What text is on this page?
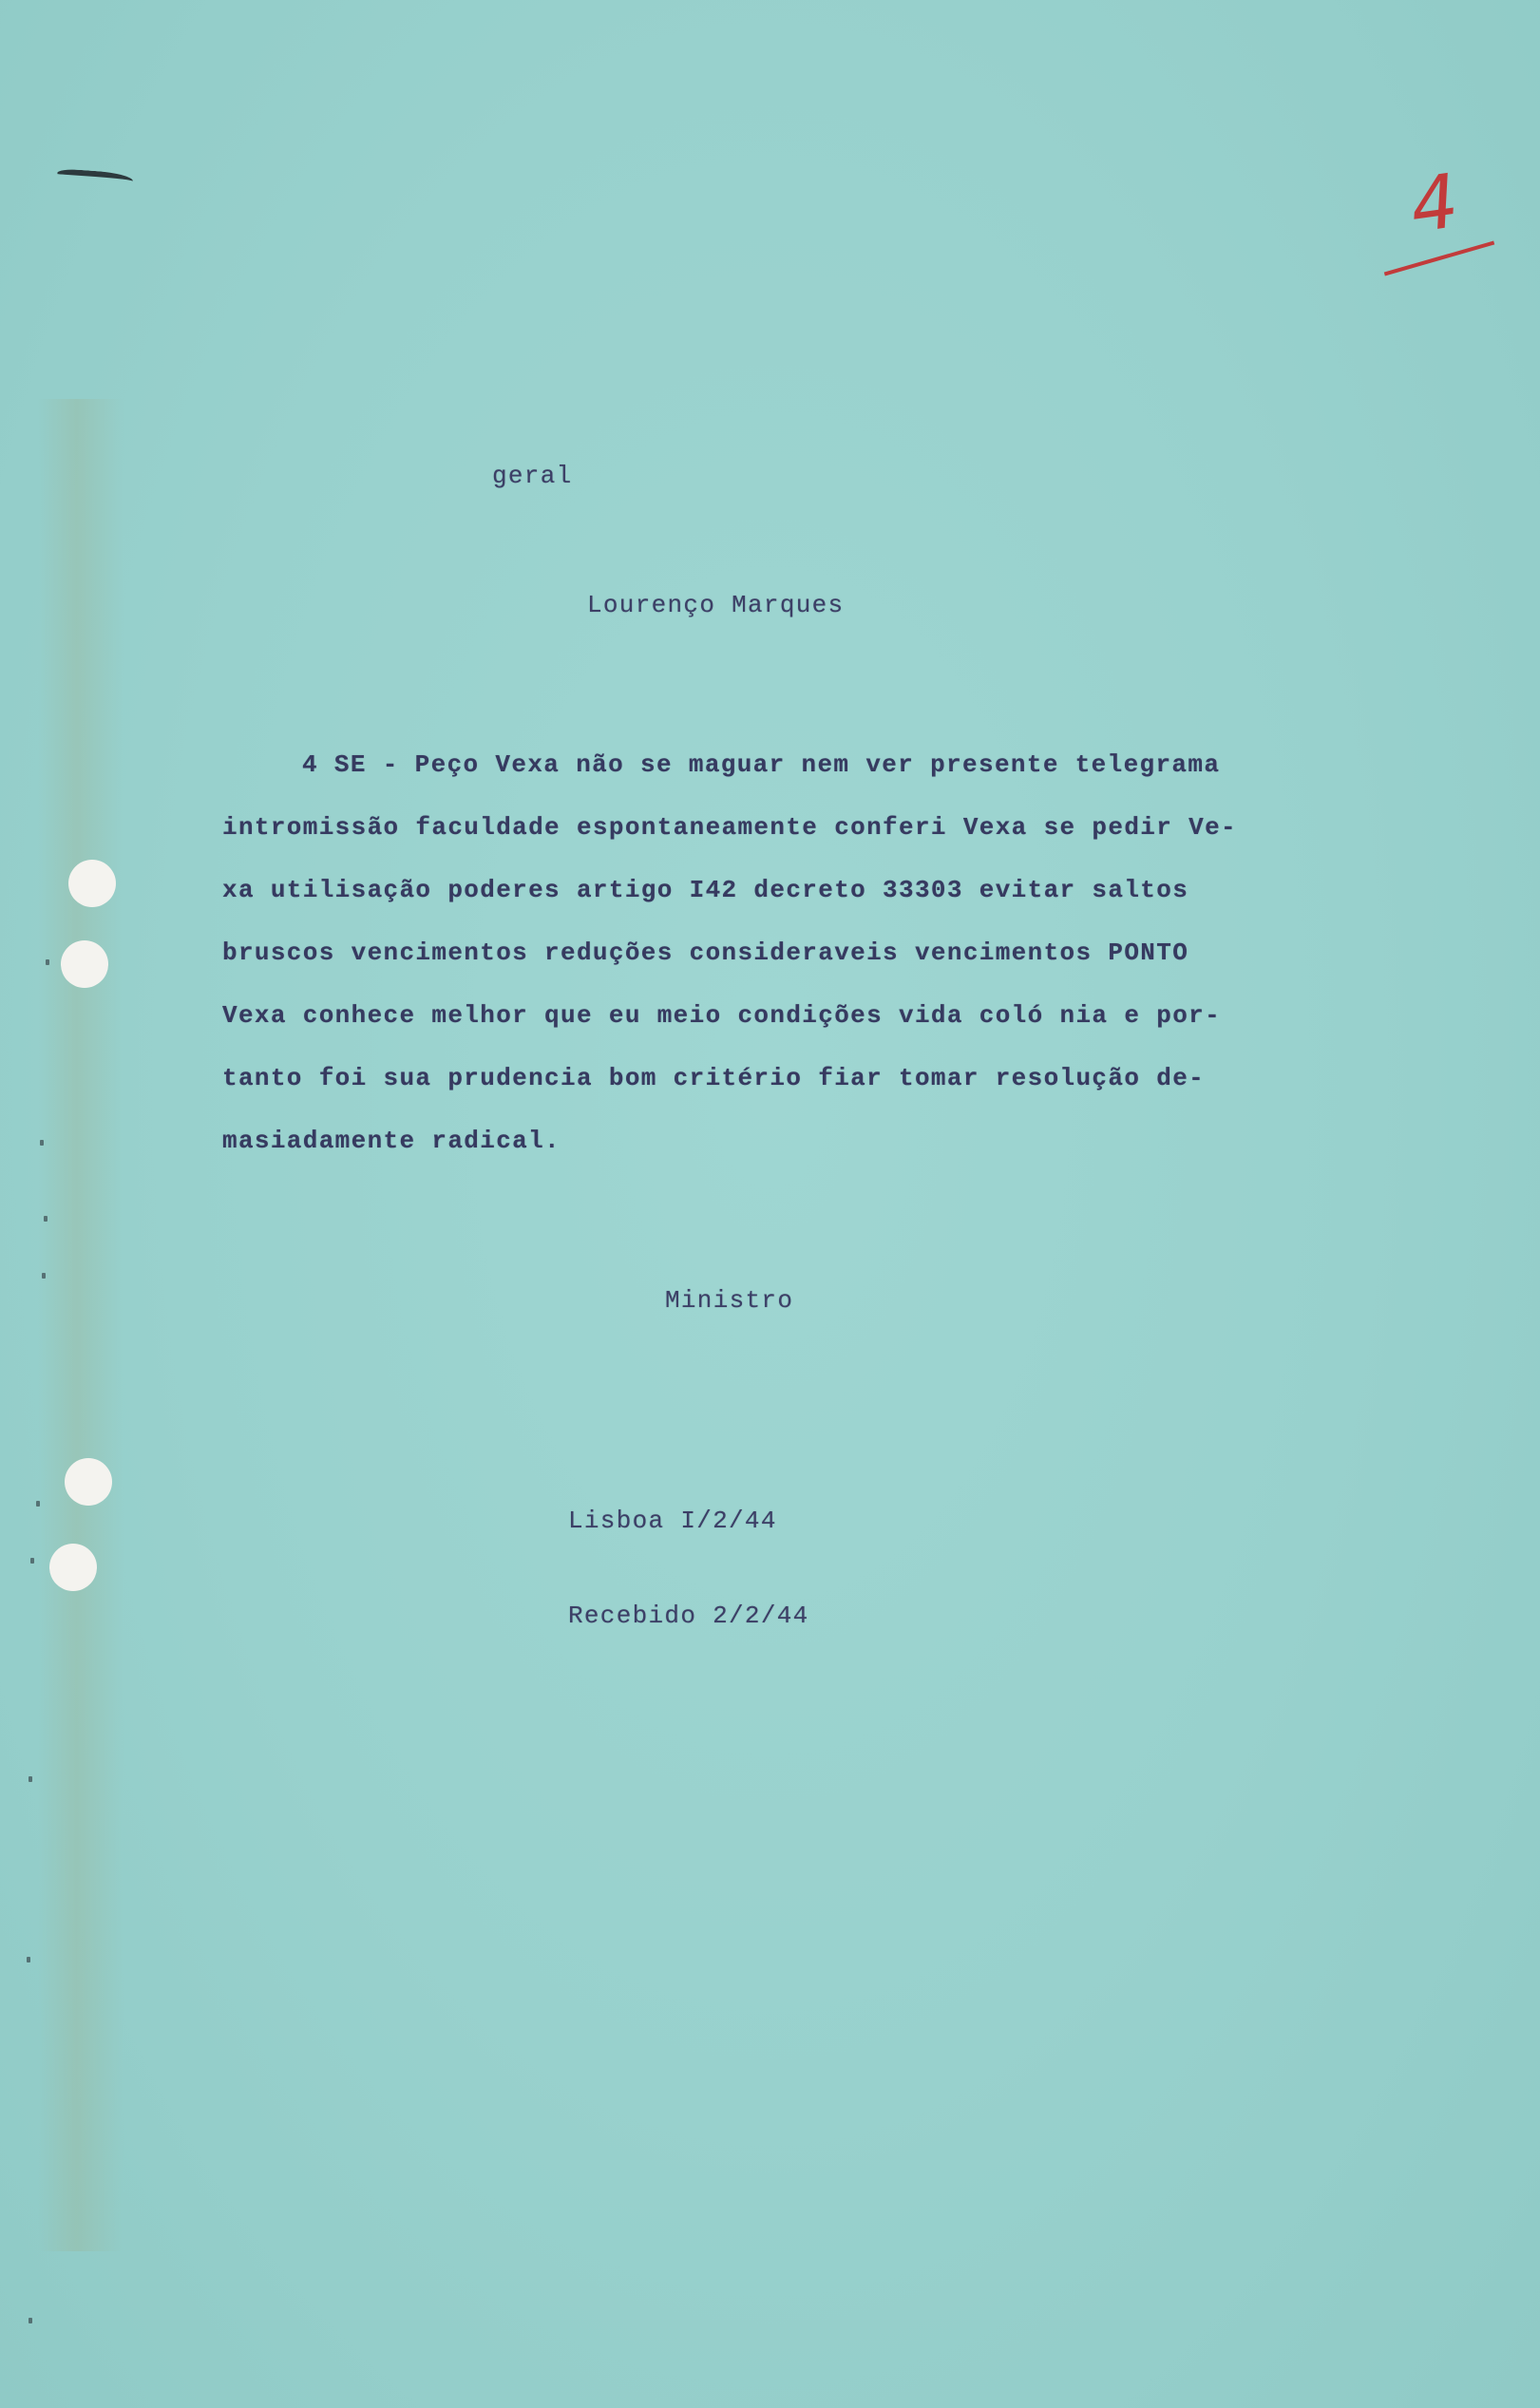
4
geral
Lourenço Marques
4 SE - Peço Vexa não se maguar nem ver presente telegrama
intromissão faculdade espontaneamente conferi Vexa se pedir Ve-
xa utilisação poderes artigo I42 decreto 33303 evitar saltos
bruscos vencimentos reduções consideraveis vencimentos PONTO
Vexa conhece melhor que eu meio condições vida coló nia e por-
tanto foi sua prudencia bom critério fiar tomar resolução de-
masiadamente radical.
Ministro
Lisboa I/2/44
Recebido 2/2/44
